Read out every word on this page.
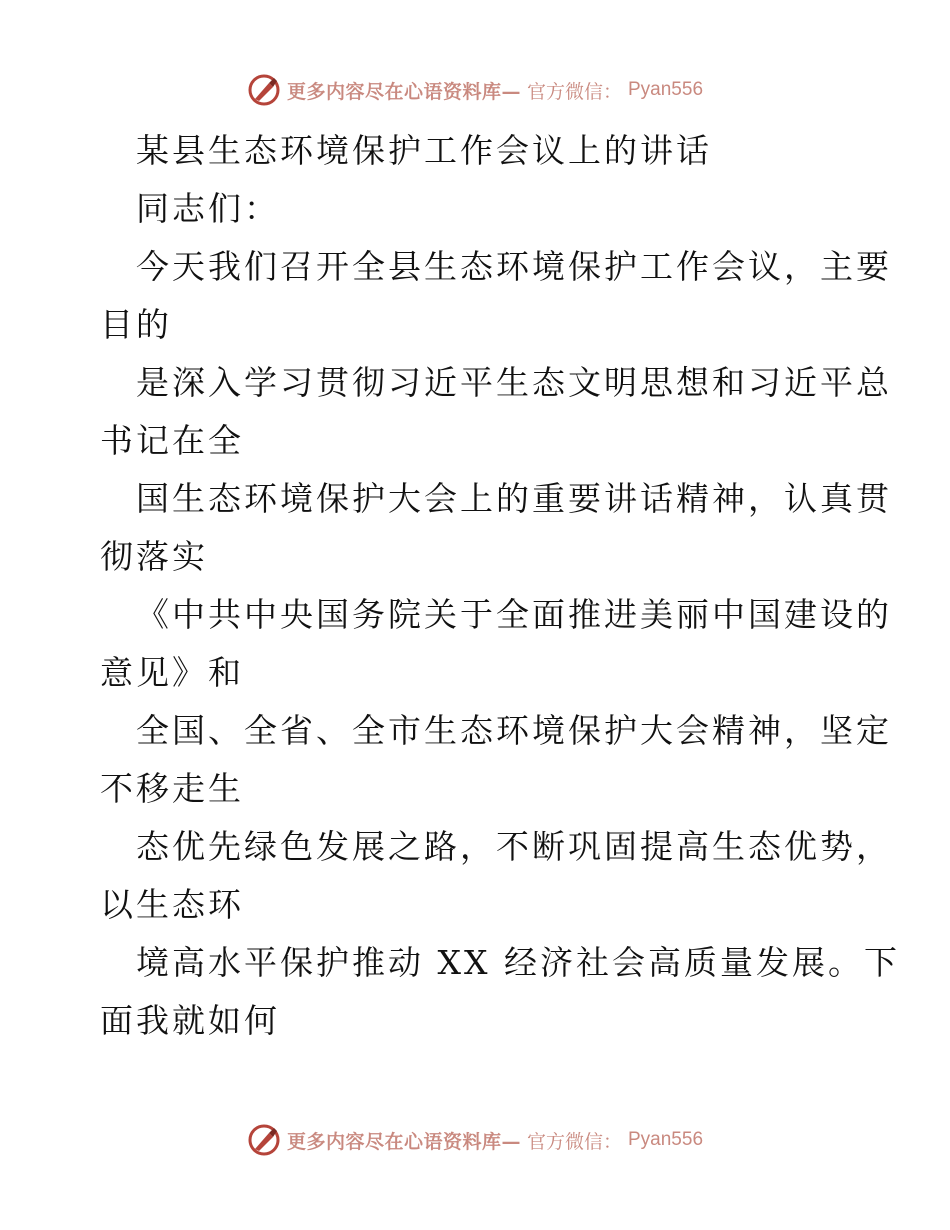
更多内容尽在心语资料库— 官方微信： Pyan556
某县生态环境保护工作会议上的讲话
同志们：
今天我们召开全县生态环境保护工作会议，主要
目的
是深入学习贯彻习近平生态文明思想和习近平总
书记在全
国生态环境保护大会上的重要讲话精神，认真贯
彻落实
《中共中央国务院关于全面推进美丽中国建设的
意见》和
全国、全省、全市生态环境保护大会精神，坚定
不移走生
态优先绿色发展之路，不断巩固提高生态优势，
以生态环
境高水平保护推动 XX 经济社会高质量发展。下
面我就如何
更多内容尽在心语资料库— 官方微信： Pyan556
